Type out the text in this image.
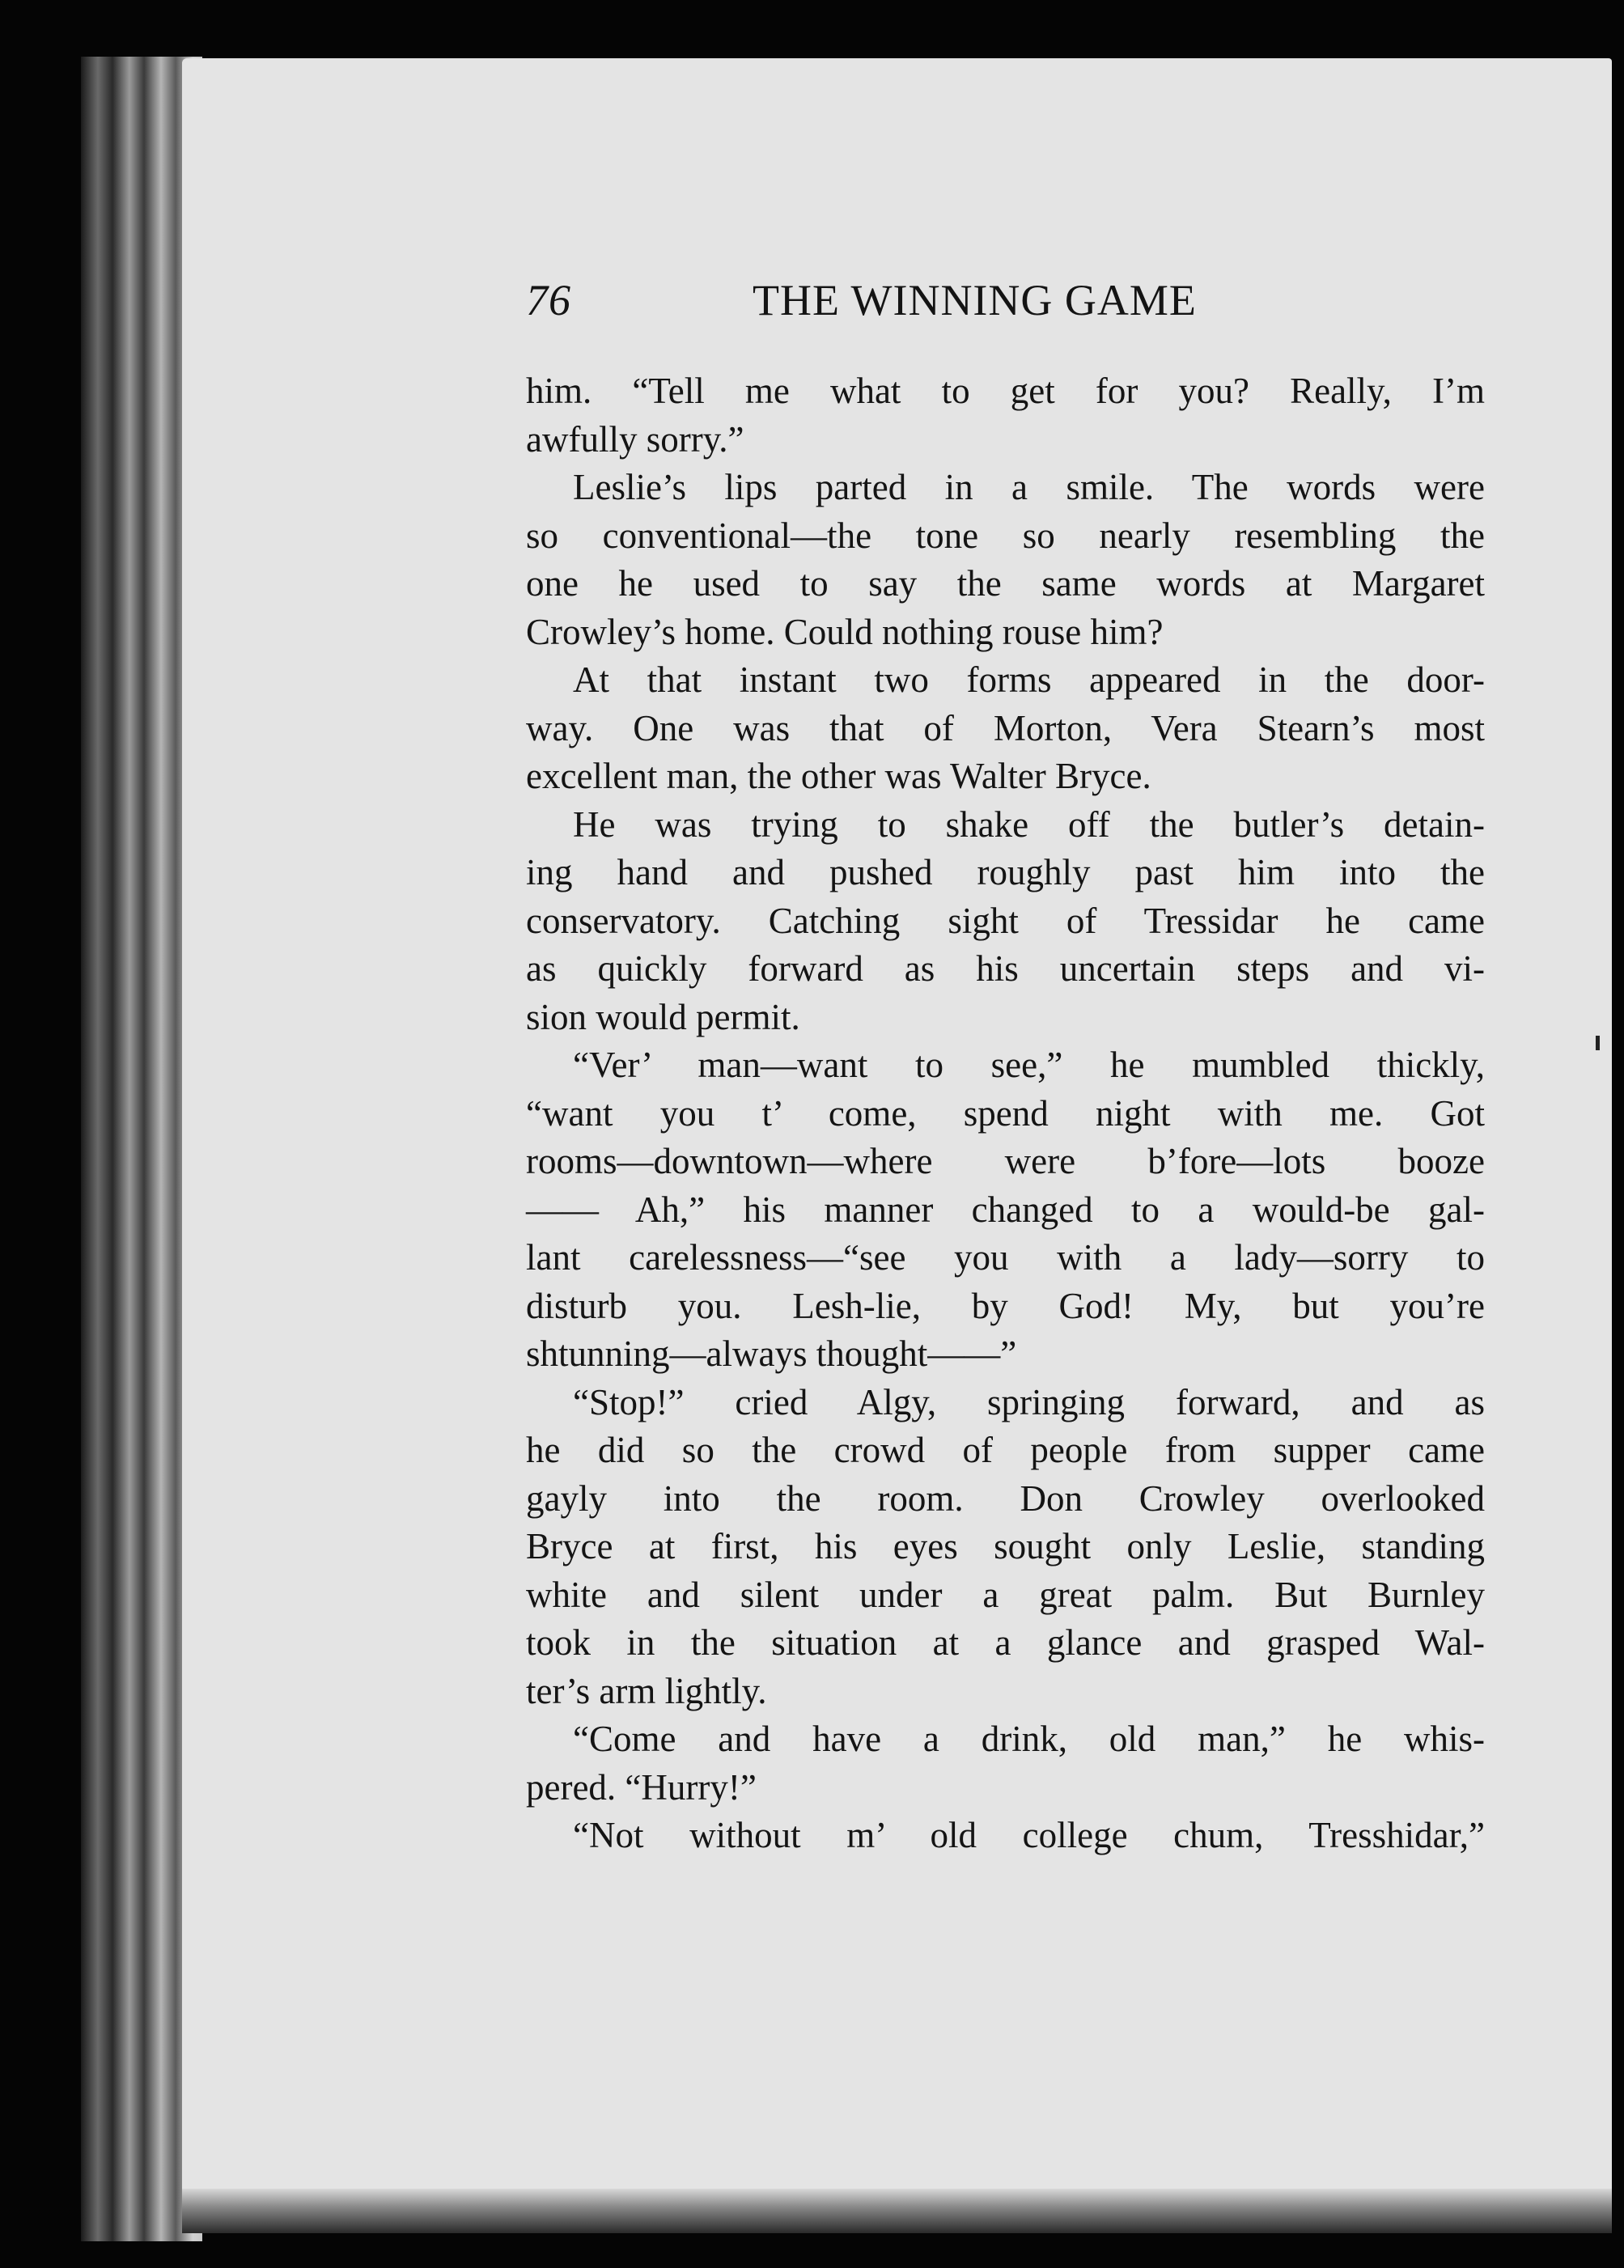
76	THE WINNING GAME
him. “Tell me what to get for you? Really, I’m
awfully sorry.”
Leslie’s lips parted in a smile. The words were
so conventional—the tone so nearly resembling the
one he used to say the same words at Margaret
Crowley’s home. Could nothing rouse him?
At that instant two forms appeared in the door-
way. One was that of Morton, Vera Stearn’s most
excellent man, the other was Walter Bryce.
He was trying to shake off the butler’s detain-
ing hand and pushed roughly past him into the
conservatory. Catching sight of Tressidar he came
as quickly forward as his uncertain steps and vi-
sion would permit.
“Ver’ man—want to see,” he mumbled thickly,
“want you t’ come, spend night with me. Got
rooms—downtown—where were b’fore—lots booze
—— Ah,” his manner changed to a would-be gal-
lant carelessness—“see you with a lady—sorry to
disturb you. Lesh-lie, by God! My, but you’re
shtunning—always thought——”
“Stop!” cried Algy, springing forward, and as
he did so the crowd of people from supper came
gayly into the room. Don Crowley overlooked
Bryce at first, his eyes sought only Leslie, standing
white and silent under a great palm. But Burnley
took in the situation at a glance and grasped Wal-
ter’s arm lightly.
“Come and have a drink, old man,” he whis-
pered. “Hurry!”
“Not without m’ old college chum, Tresshidar,”
